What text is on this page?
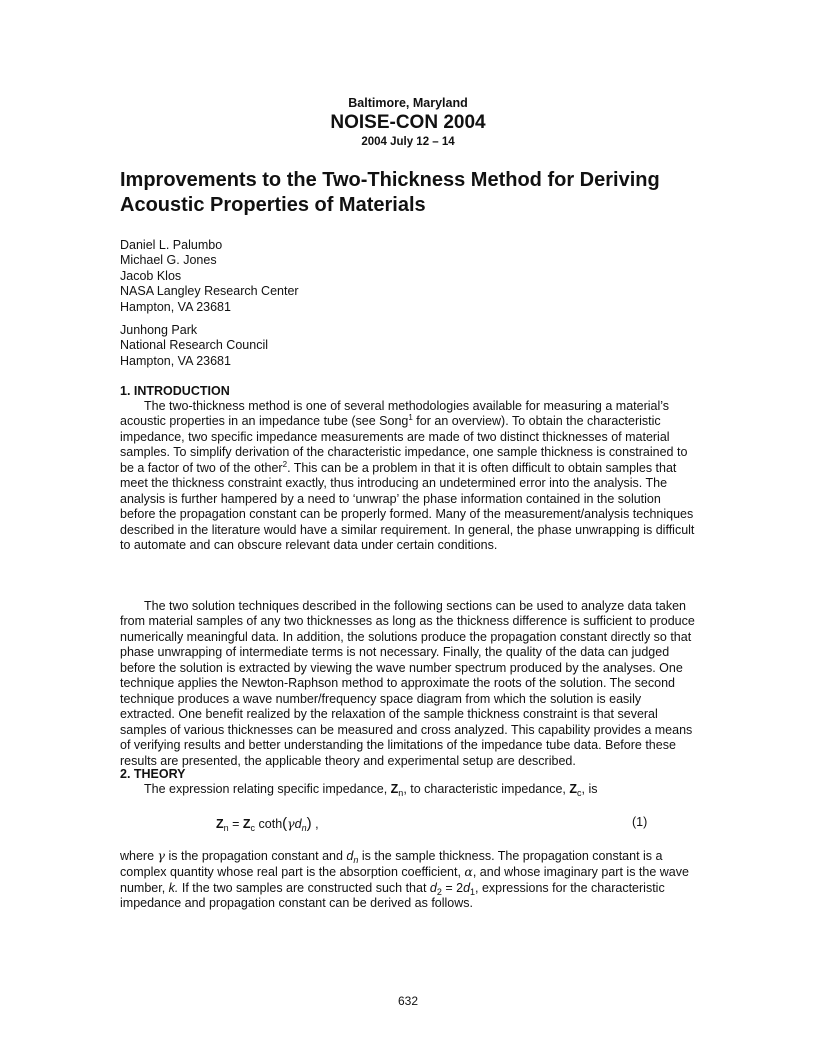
Baltimore, Maryland
NOISE-CON 2004
2004 July 12 – 14
Improvements to the Two-Thickness Method for Deriving Acoustic Properties of Materials
Daniel L. Palumbo
Michael G. Jones
Jacob Klos
NASA Langley Research Center
Hampton, VA 23681
Junhong Park
National Research Council
Hampton, VA 23681
1. INTRODUCTION

The two-thickness method is one of several methodologies available for measuring a material’s acoustic properties in an impedance tube (see Song$^1$ for an overview). To obtain the characteristic impedance, two specific impedance measurements are made of two distinct thicknesses of material samples. To simplify derivation of the characteristic impedance, one sample thickness is constrained to be a factor of two of the other$^2$. This can be a problem in that it is often difficult to obtain samples that meet the thickness constraint exactly, thus introducing an undetermined error into the analysis. The analysis is further hampered by a need to ‘unwrap’ the phase information contained in the solution before the propagation constant can be properly formed. Many of the measurement/analysis techniques described in the literature would have a similar requirement. In general, the phase unwrapping is difficult to automate and can obscure relevant data under certain conditions.

The two solution techniques described in the following sections can be used to analyze data taken from material samples of any two thicknesses as long as the thickness difference is sufficient to produce numerically meaningful data. In addition, the solutions produce the propagation constant directly so that phase unwrapping of intermediate terms is not necessary. Finally, the quality of the data can judged before the solution is extracted by viewing the wave number spectrum produced by the analyses. One technique applies the Newton-Raphson method to approximate the roots of the solution. The second technique produces a wave number/frequency space diagram from which the solution is easily extracted. One benefit realized by the relaxation of the sample thickness constraint is that several samples of various thicknesses can be measured and cross analyzed. This capability provides a means of verifying results and better understanding the limitations of the impedance tube data. Before these results are presented, the applicable theory and experimental setup are described.

2. THEORY

The expression relating specific impedance, $Z_n$, to characteristic impedance, $Z_c$, is

$Z_n = Z_c$ $\cot h(\gamma d_n)$ ,	(1)

where γ is the propagation constant and $d_n$ is the sample thickness. The propagation constant is a complex quantity whose real part is the absorption coefficient, α, and whose imaginary part is the wave number, k. If the two samples are constructed such that $d_2 = 2d_1$, expressions for the characteristic impedance and propagation constant can be derived as follows.

632
